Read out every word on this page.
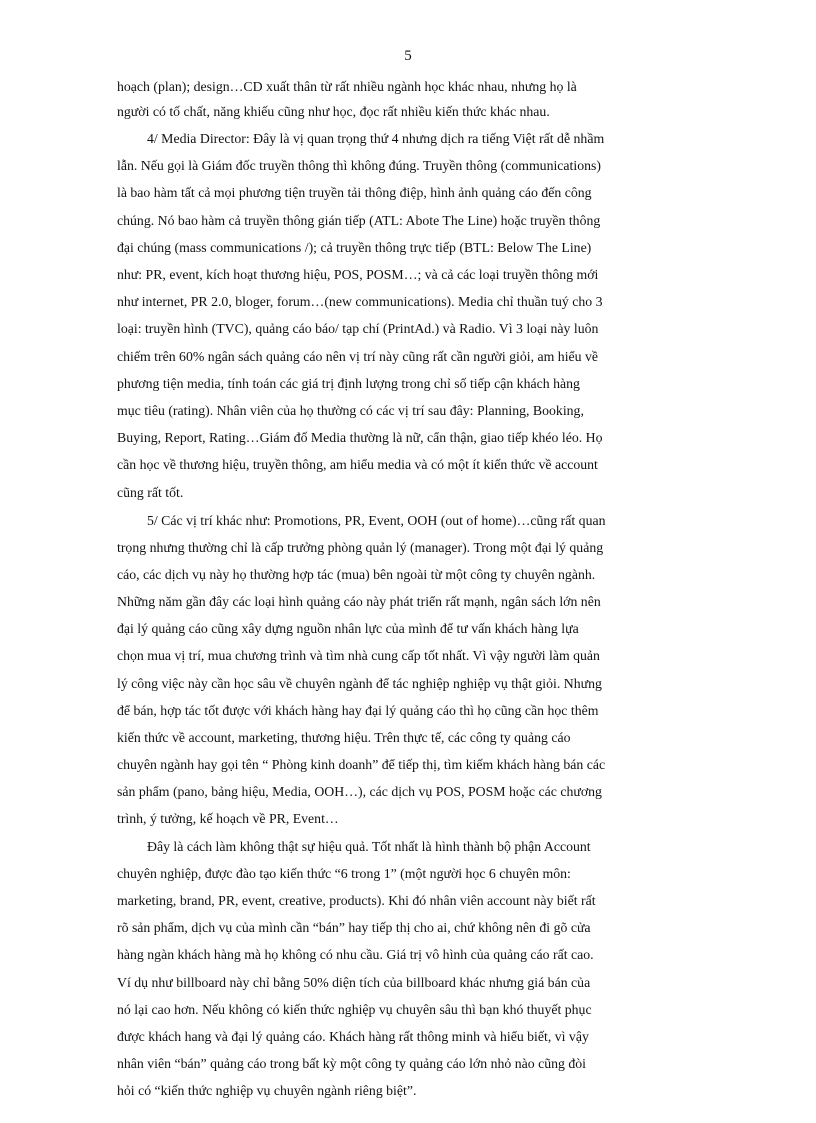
5
hoạch (plan); design…CD xuất thân từ rất nhiều ngành học khác nhau, nhưng họ là
người có tố chất, năng khiếu cũng như học, đọc rất nhiều kiến thức khác nhau.
4/ Media Director: Đây là vị quan trọng thứ 4 nhưng dịch ra tiếng Việt rất dễ nhầm
lẫn. Nếu gọi là Giám đốc truyền thông thì không đúng. Truyền thông (communications)
là bao hàm tất cả mọi phương tiện truyền tải thông điệp, hình ảnh quảng cáo đến công
chúng. Nó bao hàm cả truyền thông gián tiếp (ATL: Abote The Line) hoặc truyền thông
đại chúng (mass communications /); cả truyền thông trực tiếp (BTL: Below The Line)
như: PR, event, kích hoạt thương hiệu, POS, POSM…; và cả các loại truyền thông mới
như internet, PR 2.0, bloger, forum…(new communications). Media chỉ thuần tuý cho 3
loại: truyền hình (TVC), quảng cáo báo/ tạp chí (PrintAd.) và Radio. Vì 3 loại này luôn
chiếm trên 60% ngân sách quảng cáo nên vị trí này cũng rất cần người giỏi, am hiểu về
phương tiện media, tính toán các giá trị định lượng trong chỉ số tiếp cận khách hàng
mục tiêu (rating). Nhân viên của họ thường có các vị trí sau đây: Planning, Booking,
Buying, Report, Rating…Giám đố Media thường là nữ, cẩn thận, giao tiếp khéo léo. Họ
cần học về thương hiệu, truyền thông, am hiểu media và có một ít kiến thức về account
cũng rất tốt.
5/ Các vị trí khác như: Promotions, PR, Event, OOH (out of home)…cũng rất quan
trọng nhưng thường chỉ là cấp trưởng phòng quản lý (manager). Trong một đại lý quảng
cáo, các dịch vụ này họ thường hợp tác (mua) bên ngoài từ một công ty chuyên ngành.
Những năm gần đây các loại hình quảng cáo này phát triển rất mạnh, ngân sách lớn nên
đại lý quảng cáo cũng xây dựng nguồn nhân lực của mình để tư vấn khách hàng lựa
chọn mua vị trí, mua chương trình và tìm nhà cung cấp tốt nhất. Vì vậy người làm quản
lý công việc này cần học sâu về chuyên ngành để tác nghiệp nghiệp vụ thật giỏi. Nhưng
để bán, hợp tác tốt được với khách hàng hay đại lý quảng cáo thì họ cũng cần học thêm
kiến thức về account, marketing, thương hiệu. Trên thực tế, các công ty quảng cáo
chuyên ngành hay gọi tên “ Phòng kinh doanh” để tiếp thị, tìm kiếm khách hàng bán các
sản phẩm (pano, bảng hiệu, Media, OOH…), các dịch vụ POS, POSM hoặc các chương
trình, ý tưởng, kế hoạch về PR, Event…
Đây là cách làm không thật sự hiệu quả. Tốt nhất là hình thành bộ phận Account
chuyên nghiệp, được đào tạo kiến thức “6 trong 1” (một người học 6 chuyên môn:
marketing, brand, PR, event, creative, products). Khi đó nhân viên account này biết rất
rõ sản phẩm, dịch vụ của mình cần “bán” hay tiếp thị cho ai, chứ không nên đi gõ cửa
hàng ngàn khách hàng mà họ không có nhu cầu. Giá trị vô hình của quảng cáo rất cao.
Ví dụ như billboard này chỉ bằng 50% diện tích của billboard khác nhưng giá bán của
nó lại cao hơn. Nếu không có kiến thức nghiệp vụ chuyên sâu thì bạn khó thuyết phục
được khách hang và đại lý quảng cáo. Khách hàng rất thông minh và hiểu biết, vì vậy
nhân viên “bán” quảng cáo trong bất kỳ một công ty quảng cáo lớn nhỏ nào cũng đòi
hỏi có “kiến thức nghiệp vụ chuyên ngành riêng biệt”.
